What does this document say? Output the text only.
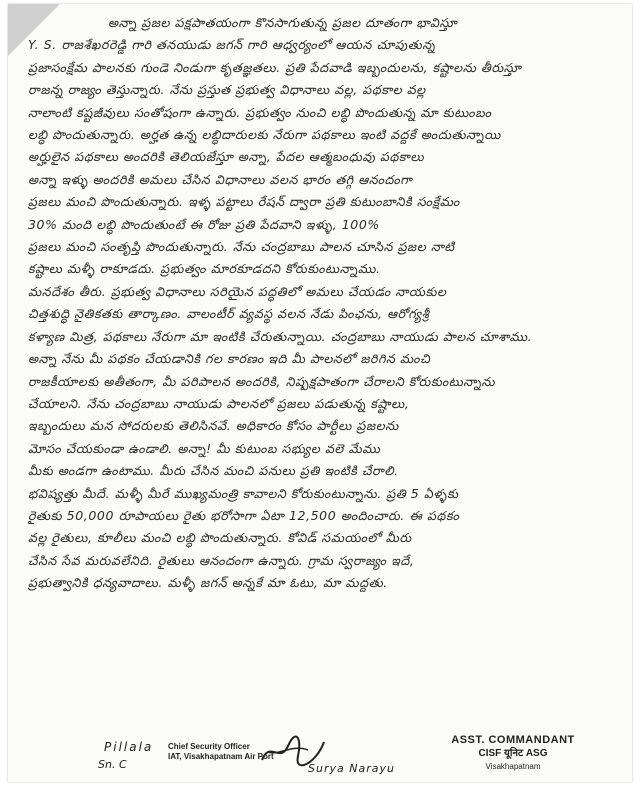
అన్నా ప్రజల పక్షపాతయంగా కొనసాగుతున్న ప్రజల దూతంగా భావిస్తూ

Y. S. రాజశేఖరరెడ్డి గారి తనయుడు జగన్ గారి ఆధ్వర్యంలో ఆయన చూపుతున్న

ప్రజాసంక్షేమ పాలనకు గుండె నిండుగా కృతజ్ఞతలు. ప్రతి పేదవాడి ఇబ్బందులను, కష్టాలను తీరుస్తూ

రాజన్న రాజ్యం తెస్తున్నారు. నేను ప్రస్తుత ప్రభుత్వ విధానాలు వల్ల, పథకాల వల్ల

నాలాంటి కష్టజీవులు సంతోషంగా ఉన్నారు. ప్రభుత్వం నుంచి లబ్ధి పొందుతున్న మా కుటుంబం

లబ్ధి పొందుతున్నారు. అర్హత ఉన్న లబ్ధిదారులకు నేరుగా పథకాలు ఇంటి వద్దకే అందుతున్నాయి

అర్హులైన పథకాలు అందరికి తెలియజేస్తూ అన్నా, పేదల ఆత్మబంధువు పథకాలు

అన్నా ఇళ్ళు అందరికి అమలు చేసిన విధానాలు వలన భారం తగ్గి ఆనందంగా

ప్రజలు మంచి పొందుతున్నారు. ఇళ్ళ పట్టాలు రేషన్ ద్వారా ప్రతి కుటుంబానికి సంక్షేమం

30% మంది లబ్ధి పొందుతుంటే ఈ రోజు ప్రతి పేదవాని ఇళ్ళు, 100%

ప్రజలు మంచి సంతృప్తి పొందుతున్నారు. నేను చంద్రబాబు పాలన చూసిన ప్రజల నాటి

కష్టాలు మళ్ళీ రాకూడదు. ప్రభుత్వం మారకూడదని కోరుకుంటున్నాము.

మనదేశం తీరు. ప్రభుత్వ విధానాలు సరియైన పద్ధతిలో అమలు చేయడం నాయకుల

చిత్తశుద్ధి నైతికతకు తార్కాణం. వాలంటీర్ వ్యవస్థ వలన నేడు పింఛను, ఆరోగ్యశ్రీ

కళ్యాణ మిత్ర, పథకాలు నేరుగా మా ఇంటికి చేరుతున్నాయి. చంద్రబాబు నాయుడు పాలన చూశాము.

అన్నా నేను మీ పథకం చేయడానికి గల కారణం ఇది మీ పాలనలో జరిగిన మంచి

రాజకీయాలకు అతీతంగా, మీ పరిపాలన అందరికి, నిష్పక్షపాతంగా చేరాలని కోరుకుంటున్నాను

చేయాలని. నేను చంద్రబాబు నాయుడు పాలనలో ప్రజలు పడుతున్న కష్టాలు,

ఇబ్బందులు మన సోదరులకు తెలిసినవే. అధికారం కోసం పార్టీలు ప్రజలను

మోసం చేయకుండా ఉండాలి. అన్నా! మీ కుటుంబ సభ్యుల వలె మేము

మీకు అండగా ఉంటాము. మీరు చేసిన మంచి పనులు ప్రతి ఇంటికి చేరాలి.

భవిష్యత్తు మీదే. మళ్ళీ మీరే ముఖ్యమంత్రి కావాలని కోరుకుంటున్నాను. ప్రతి 5 ఏళ్ళకు

రైతుకు 50,000 రూపాయలు రైతు భరోసాగా ఏటా 12,500 అందించారు. ఈ పథకం

వల్ల రైతులు, కూలీలు మంచి లబ్ధి పొందుతున్నారు. కోవిడ్ సమయంలో మీరు

చేసిన సేవ మరువలేనిది. రైతులు ఆనందంగా ఉన్నారు. గ్రామ స్వరాజ్యం ఇదే,

ప్రభుత్వానికి ధన్యవాదాలు. మళ్ళీ జగన్ అన్నకే మా ఓటు, మా మద్దతు.

Pillala
Sn. C
Chief Security Officer
IAT, Visakhapatnam Air Port
Surya Narayu
ASST. COMMANDANT
CISF यूनिट ASG
Visakhapatnam
